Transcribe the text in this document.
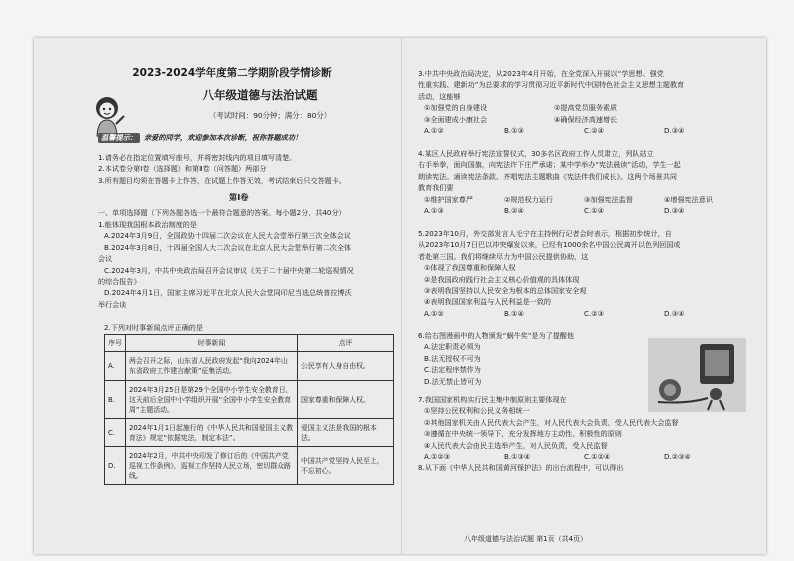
2023-2024学年度第二学期阶段学情诊断
八年级道德与法治试题
（考试时间：90分钟；满分：80分）
温馨提示： 亲爱的同学，欢迎参加本次诊断，祝你答题成功！
1.请务必在指定位置填写座号，并将密封线内的项目填写清楚。
2.本试卷分第Ⅰ卷（选择题）和第Ⅱ卷（问答题）两部分
3.所有题目均须在答题卡上作答，在试题上作答无效，考试结束后只交答题卡。
第Ⅰ卷
一、单项选择题（下列各题各选一个最符合题意的答案。每小题2分，共40分）
1.能体现我国根本政治制度的是
A.2024年3月9日，全国政协十四届二次会议在人民大会堂举行第三次全体会议
B.2024年3月8日，十四届全国人大二次会议在北京人民大会堂举行第二次全体
会议
C.2024年3月，中共中央政治局召开会议审议《关于二十届中央第二轮巡视情况
的综合报告》
D.2024年4月1日，国家主席习近平在北京人民大会堂同印尼当选总统普拉博沃
举行会谈
2.下列对时事新闻点评正确的是
序号	时事新闻	点评
A.	两会召开之际，山东省人民政府发起“我向2024年山东省政府工作建言献策”征集活动。	公民享有人身自由权。
B.	2024年3月25日是第29个全国中小学生安全教育日，这天前后全国中小学组织开展“全国中小学生安全教育周”主题活动。	国家尊重和保障人权。
C.	2024年1月1日起施行的《中华人民共和国爱国主义教育法》规定“依据宪法，制定本法”。	爱国主义法是我国的根本法。
D.	2024年2月，中共中央印发了修订后的《中国共产党巡视工作条例》，巡视工作坚持人民立场，密切群众路线。	中国共产党坚持人民至上，不忘初心。
3.中共中央政治局决定，从2023年4月开始，在全党深入开展以“学思想、强党
性重实践、建新功”为总要求的学习贯彻习近平新时代中国特色社会主义思想主题教育
活动，这能够
①加强党的自身建设	②提高党员服务素质
③全面建成小康社会	④确保经济高速增长
A.①②	B.①③	C.②④	D.③④
4.某区人民政府举行宪法宣誓仪式，30多名区政府工作人员肃立，列队站立
右手举拳，面向国旗，向宪法许下庄严承诺；某中学举办“宪法晨读”活动，学生一起
朗读宪法。诵读宪法条款、齐唱宪法主题歌曲《宪法伴我们成长》。这两个场景共同
教育我们要
①维护国家尊严	②规范权力运行	③加强宪法监督	④增强宪法意识
A.①③	B.②④	C.①④	D.③④
5.2023年10月，外交部发言人毛宁在主持例行记者会时表示，根据初步统计，自
从2023年10月7日巴以冲突爆发以来，已经有1000余名中国公民离开以色列回国或
者赴第三国。我们将继续尽力为中国公民提供协助，这
①体现了我国尊重和保障人权
②是我国政府践行社会主义核心价值观的具体体现
③表明我国坚持以人民安全为根本的总体国家安全观
④表明我国国家利益与人民利益是一致的
A.①②	B.①④	C.②③	D.③④
6.给右图漫画中的人物颁发“蜗牛奖”是为了提醒他
A.法定职责必须为
B.法无授权不可为
C.法定程序禁作为
D.法无禁止皆可为
7.我国国家机构实行民主集中制原则主要体现在
①坚持公民权利和公民义务相统一
②其他国家机关由人民代表大会产生，对人民代表大会负责，受人民代表大会监督
③遵循在中央统一领导下，充分发挥地方主动性、积极性的原则
④人民代表大会由民主选举产生，对人民负责，受人民监督
A.①②③	B.①③④	C.①②④	D.②③④
8.从下面《中华人民共和国黄河保护法》的出台流程中，可以得出
八年级道德与法治试题 第1页（共4页）
